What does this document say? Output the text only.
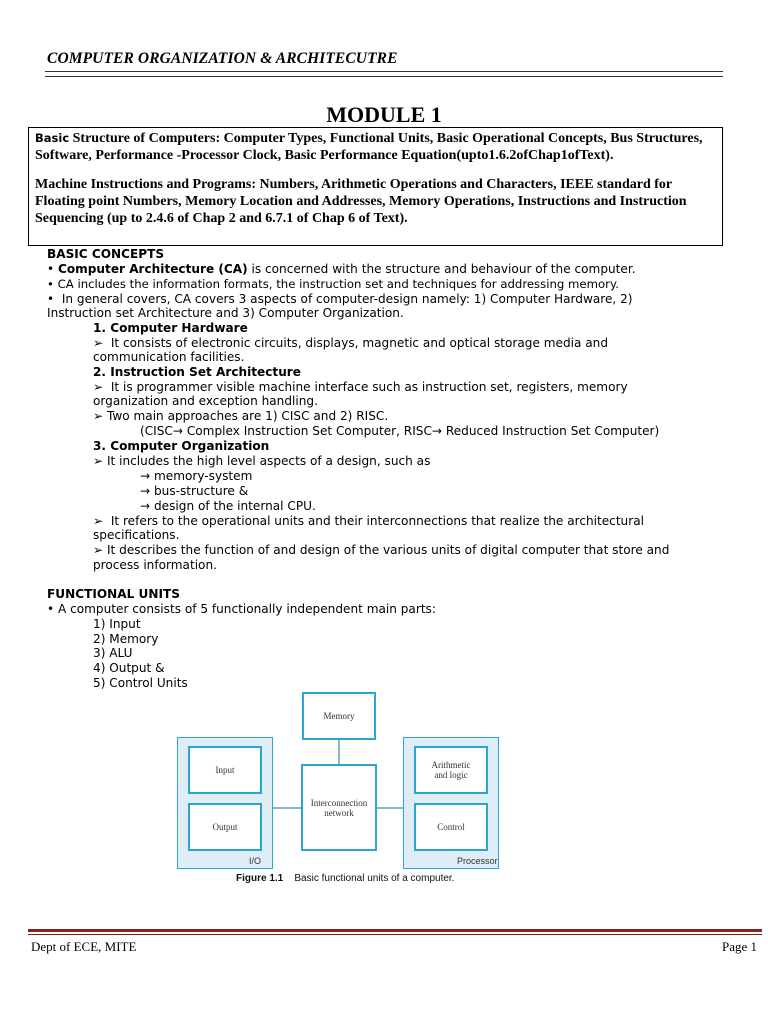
COMPUTER ORGANIZATION & ARCHITECUTRE
MODULE 1

Basic Structure of Computers: Computer Types, Functional Units, Basic Operational Concepts, Bus Structures, Software, Performance -Processor Clock, Basic Performance Equation(upto1.6.2ofChap1ofText).

Machine Instructions and Programs: Numbers, Arithmetic Operations and Characters, IEEE standard for Floating point Numbers, Memory Location and Addresses, Memory Operations, Instructions and Instruction Sequencing (up to 2.4.6 of Chap 2 and 6.7.1 of Chap 6 of Text).

BASIC CONCEPTS
• Computer Architecture (CA) is concerned with the structure and behaviour of the computer.
• CA includes the information formats, the instruction set and techniques for addressing memory.
•  In general covers, CA covers 3 aspects of computer-design namely: 1) Computer Hardware, 2)
Instruction set Architecture and 3) Computer Organization.
1. Computer Hardware
➢  It consists of electronic circuits, displays, magnetic and optical storage media and
communication facilities.
2. Instruction Set Architecture
➢  It is programmer visible machine interface such as instruction set, registers, memory
organization and exception handling.
➢ Two main approaches are 1) CISC and 2) RISC.
(CISC→ Complex Instruction Set Computer, RISC→ Reduced Instruction Set Computer)
3. Computer Organization
➢ It includes the high level aspects of a design, such as
→ memory-system
→ bus-structure &
→ design of the internal CPU.
➢  It refers to the operational units and their interconnections that realize the architectural
specifications.
➢ It describes the function of and design of the various units of digital computer that store and
process information.
FUNCTIONAL UNITS
• A computer consists of 5 functionally independent main parts:
1) Input
2) Memory
3) ALU
4) Output &
5) Control Units
Memory
Interconnection network
Input
Output
Arithmetic and logic
Control
I/O	Processor
Figure 1.1 Basic functional units of a computer.
Dept of ECE, MITE	Page 1
